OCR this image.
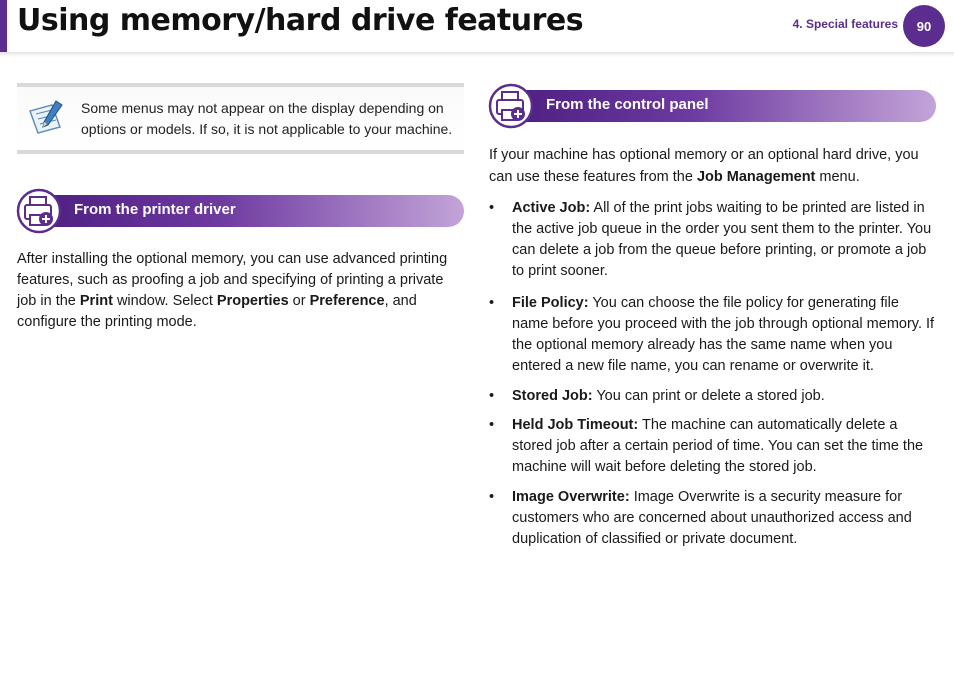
Using memory/hard drive features	4. Special features	90
Some menus may not appear on the display depending on options or models. If so, it is not applicable to your machine.
From the printer driver
After installing the optional memory, you can use advanced printing features, such as proofing a job and specifying of printing a private job in the Print window. Select Properties or Preference, and configure the printing mode.
From the control panel
If your machine has optional memory or an optional hard drive, you can use these features from the Job Management menu.
• Active Job: All of the print jobs waiting to be printed are listed in the active job queue in the order you sent them to the printer. You can delete a job from the queue before printing, or promote a job to print sooner.
• File Policy: You can choose the file policy for generating file name before you proceed with the job through optional memory. If the optional memory already has the same name when you entered a new file name, you can rename or overwrite it.
• Stored Job: You can print or delete a stored job.
• Held Job Timeout: The machine can automatically delete a stored job after a certain period of time. You can set the time the machine will wait before deleting the stored job.
• Image Overwrite: Image Overwrite is a security measure for customers who are concerned about unauthorized access and duplication of classified or private document.
